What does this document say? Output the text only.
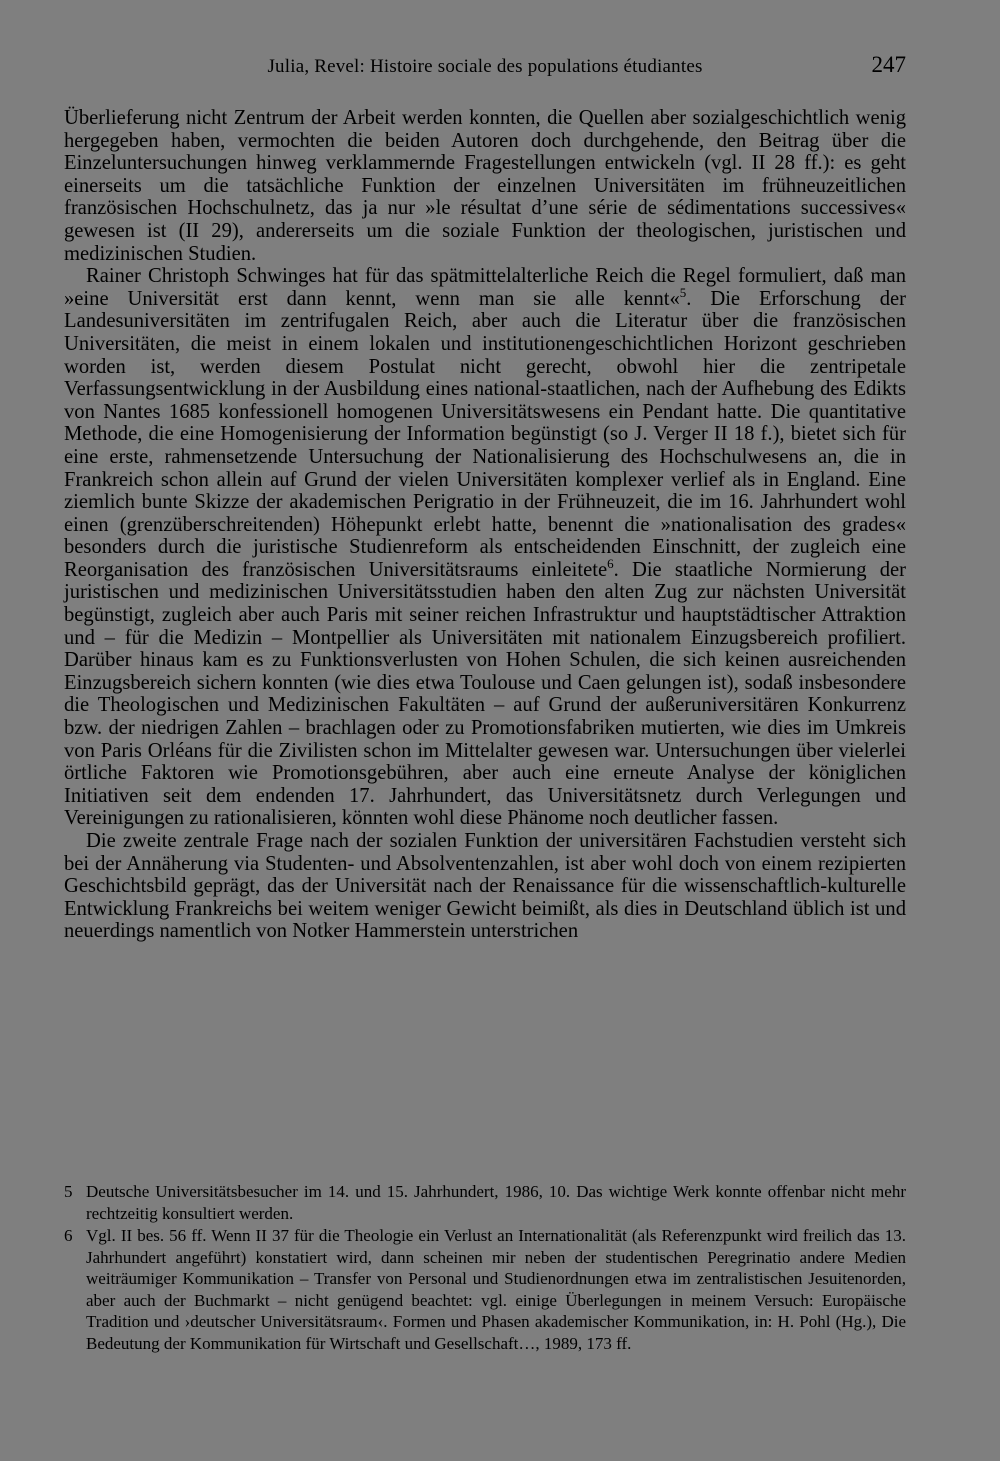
Julia, Revel: Histoire sociale des populations étudiantes	247

Überlieferung nicht Zentrum der Arbeit werden konnten, die Quellen aber sozialgeschichtlich wenig hergegeben haben, vermochten die beiden Autoren doch durchgehende, den Beitrag über die Einzeluntersuchungen hinweg verklammernde Fragestellungen entwickeln (vgl. II 28 ff.): es geht einerseits um die tatsächliche Funktion der einzelnen Universitäten im frühneuzeitlichen französischen Hochschulnetz, das ja nur »le résultat d’une série de sédimentations successives« gewesen ist (II 29), andererseits um die soziale Funktion der theologischen, juristischen und medizinischen Studien.

Rainer Christoph Schwinges hat für das spätmittelalterliche Reich die Regel formuliert, daß man »eine Universität erst dann kennt, wenn man sie alle kennt«$^5$. Die Erforschung der Landesuniversitäten im zentrifugalen Reich, aber auch die Literatur über die französischen Universitäten, die meist in einem lokalen und institutionengeschichtlichen Horizont geschrieben worden ist, werden diesem Postulat nicht gerecht, obwohl hier die zentripetale Verfassungsentwicklung in der Ausbildung eines national-staatlichen, nach der Aufhebung des Edikts von Nantes 1685 konfessionell homogenen Universitätswesens ein Pendant hatte. Die quantitative Methode, die eine Homogenisierung der Information begünstigt (so J. Verger II 18 f.), bietet sich für eine erste, rahmensetzende Untersuchung der Nationalisierung des Hochschulwesens an, die in Frankreich schon allein auf Grund der vielen Universitäten komplexer verlief als in England. Eine ziemlich bunte Skizze der akademischen Perigratio in der Frühneuzeit, die im 16. Jahrhundert wohl einen (grenzüberschreitenden) Höhepunkt erlebt hatte, benennt die »nationalisation des grades« besonders durch die juristische Studienreform als entscheidenden Einschnitt, der zugleich eine Reorganisation des französischen Universitätsraums einleitete$^6$. Die staatliche Normierung der juristischen und medizinischen Universitätsstudien haben den alten Zug zur nächsten Universität begünstigt, zugleich aber auch Paris mit seiner reichen Infrastruktur und hauptstädtischer Attraktion und – für die Medizin – Montpellier als Universitäten mit nationalem Einzugsbereich profiliert. Darüber hinaus kam es zu Funktionsverlusten von Hohen Schulen, die sich keinen ausreichenden Einzugsbereich sichern konnten (wie dies etwa Toulouse und Caen gelungen ist), sodaß insbesondere die Theologischen und Medizinischen Fakultäten – auf Grund der außeruniversitären Konkurrenz bzw. der niedrigen Zahlen – brachlagen oder zu Promotionsfabriken mutierten, wie dies im Umkreis von Paris Orléans für die Zivilisten schon im Mittelalter gewesen war. Untersuchungen über vielerlei örtliche Faktoren wie Promotionsgebühren, aber auch eine erneute Analyse der königlichen Initiativen seit dem endenden 17. Jahrhundert, das Universitätsnetz durch Verlegungen und Vereinigungen zu rationalisieren, könnten wohl diese Phänome noch deutlicher fassen.

Die zweite zentrale Frage nach der sozialen Funktion der universitären Fachstudien versteht sich bei der Annäherung via Studenten- und Absolventenzahlen, ist aber wohl doch von einem rezipierten Geschichtsbild geprägt, das der Universität nach der Renaissance für die wissenschaftlich-kulturelle Entwicklung Frankreichs bei weitem weniger Gewicht beimißt, als dies in Deutschland üblich ist und neuerdings namentlich von Notker Hammerstein unterstrichen

5 Deutsche Universitätsbesucher im 14. und 15. Jahrhundert, 1986, 10. Das wichtige Werk konnte offenbar nicht mehr rechtzeitig konsultiert werden.
6 Vgl. II bes. 56 ff. Wenn II 37 für die Theologie ein Verlust an Internationalität (als Referenzpunkt wird freilich das 13. Jahrhundert angeführt) konstatiert wird, dann scheinen mir neben der studentischen Peregrinatio andere Medien weiträumiger Kommunikation – Transfer von Personal und Studienordnungen etwa im zentralistischen Jesuitenorden, aber auch der Buchmarkt – nicht genügend beachtet: vgl. einige Überlegungen in meinem Versuch: Europäische Tradition und ›deutscher Universitätsraum‹. Formen und Phasen akademischer Kommunikation, in: H. Pohl (Hg.), Die Bedeutung der Kommunikation für Wirtschaft und Gesellschaft…, 1989, 173 ff.
